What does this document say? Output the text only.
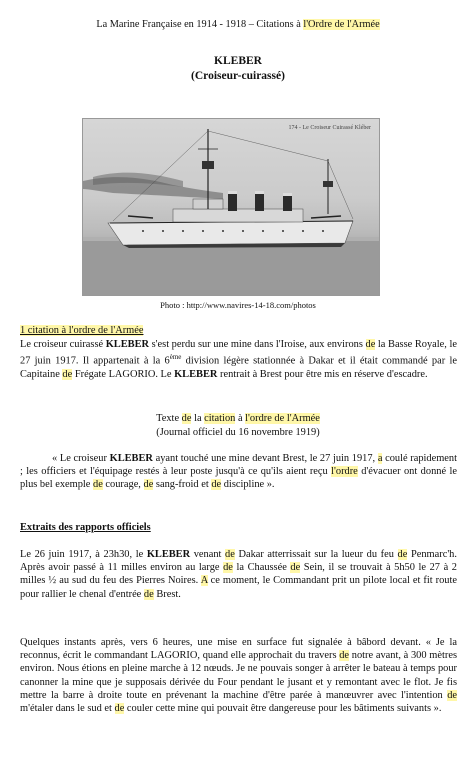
La Marine Française en 1914 - 1918 – Citations à l'Ordre de l'Armée
KLEBER
(Croiseur-cuirassé)
174 - Le Croiseur Cuirassé Kléber
Photo : http://www.navires-14-18.com/photos
1 citation à l'ordre de l'Armée
Le croiseur cuirassé KLEBER s'est perdu sur une mine dans l'Iroise, aux environs de la Basse Royale, le 27 juin 1917. Il appartenait à la 6ème division légère stationnée à Dakar et il était commandé par le Capitaine de Frégate LAGORIO. Le KLEBER rentrait à Brest pour être mis en réserve d'escadre.
Texte de la citation à l'ordre de l'Armée
(Journal officiel du 16 novembre 1919)
« Le croiseur KLEBER ayant touché une mine devant Brest, le 27 juin 1917, a coulé rapidement ; les officiers et l'équipage restés à leur poste jusqu'à ce qu'ils aient reçu l'ordre d'évacuer ont donné le plus bel exemple de courage, de sang-froid et de discipline ».
Extraits des rapports officiels
Le 26 juin 1917, à 23h30, le KLEBER venant de Dakar atterrissait sur la lueur du feu de Penmarc'h. Après avoir passé à 11 milles environ au large de la Chaussée de Sein, il se trouvait à 5h50 le 27 à 2 milles ½ au sud du feu des Pierres Noires. A ce moment, le Commandant prit un pilote local et fit route pour rallier le chenal d'entrée de Brest.
Quelques instants après, vers 6 heures, une mise en surface fut signalée à bâbord devant. « Je la reconnus, écrit le commandant LAGORIO, quand elle approchait du travers de notre avant, à 300 mètres environ. Nous étions en pleine marche à 12 nœuds. Je ne pouvais songer à arrêter le bateau à temps pour canonner la mine que je supposais dérivée du Four pendant le jusant et y remontant avec le flot. Je fis mettre la barre à droite toute en prévenant la machine d'être parée à manœuvrer avec l'intention de m'étaler dans le sud et de couler cette mine qui pouvait être dangereuse pour les bâtiments suivants ».
